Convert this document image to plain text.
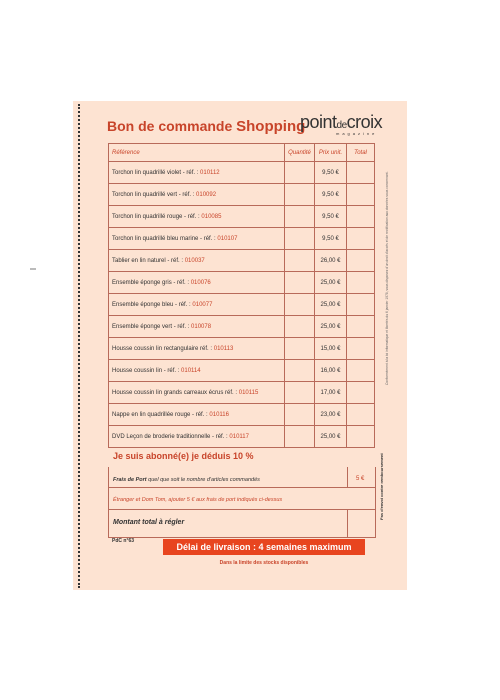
Bon de commande Shopping
pointdecroix
magazine
Référence	Quantité	Prix unit.	Total
Torchon lin quadrillé violet - réf. : 010112		9,50 €	
Torchon lin quadrillé vert - réf. : 010092		9,50 €	
Torchon lin quadrillé rouge - réf. : 010085		9,50 €	
Torchon lin quadrillé bleu marine - réf. : 010107		9,50 €	
Tablier en lin naturel - réf. : 010037		26,00 €	
Ensemble éponge gris - réf. : 010076		25,00 €	
Ensemble éponge bleu - réf. : 010077		25,00 €	
Ensemble éponge vert - réf. : 010078		25,00 €	
Housse coussin lin rectangulaire réf. : 010113		15,00 €	
Housse coussin lin - réf. : 010114		16,00 €	
Housse coussin lin grands carreaux écrus réf. : 010115		17,00 €	
Nappe en lin quadrillée rouge - réf. : 010116		23,00 €	
DVD Leçon de broderie traditionnelle - réf. : 010117		25,00 €	
Je suis abonné(e) je déduis 10 %
Frais de Port quel que soit le nombre d'articles commandés	5 €
Étranger et Dom Tom, ajouter 5 € aux frais de port indiqués ci-dessus
Montant total à régler
PdC n°63
Délai de livraison : 4 semaines maximum
Dans la limite des stocks disponibles
Conformément à la loi informatique et libertés du 6 janvier 1978, vous disposez d'un droit d'accès et de rectification aux données vous concernant.
Pas d'envoi contre remboursement
